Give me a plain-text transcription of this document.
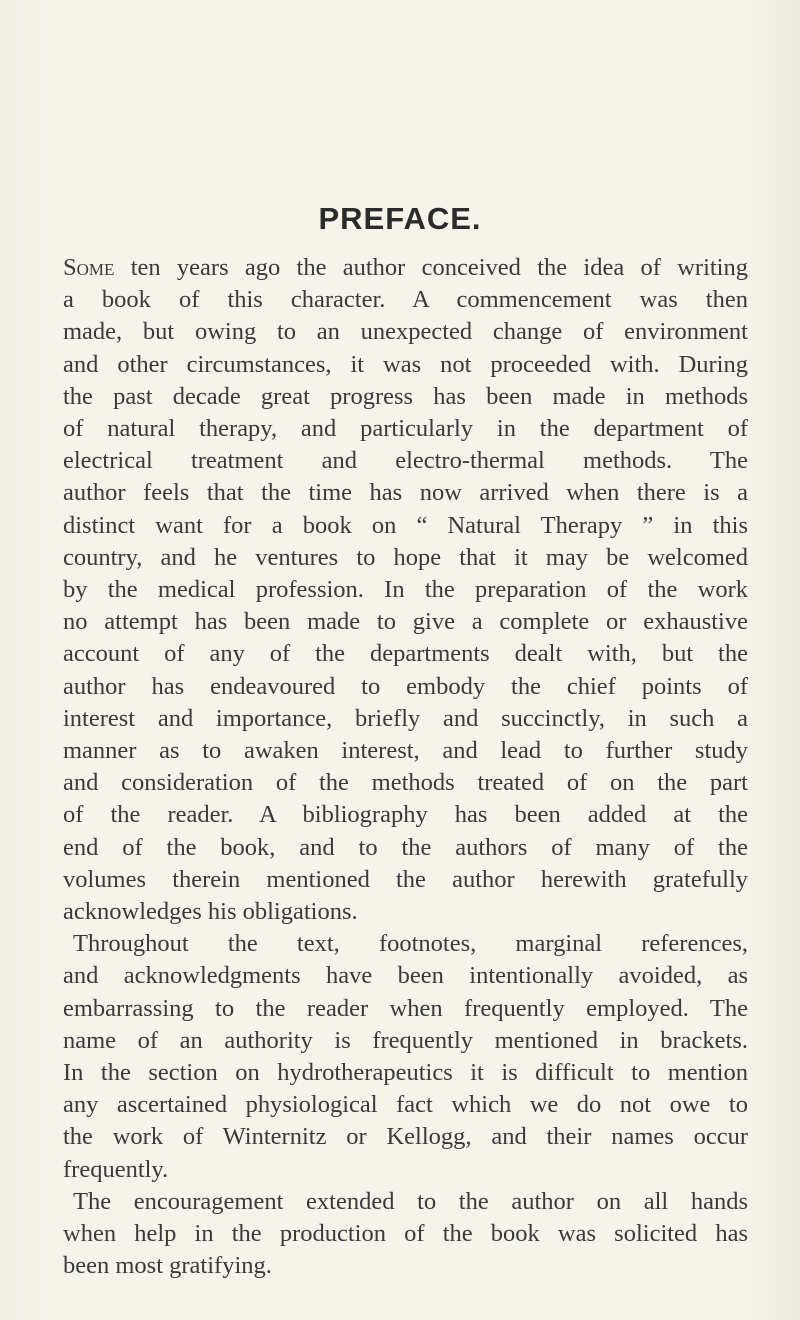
PREFACE.

Some ten years ago the author conceived the idea of writing
a book of this character. A commencement was then
made, but owing to an unexpected change of environment
and other circumstances, it was not proceeded with. During
the past decade great progress has been made in methods
of natural therapy, and particularly in the department of
electrical treatment and electro-thermal methods. The
author feels that the time has now arrived when there is a
distinct want for a book on “ Natural Therapy ” in this
country, and he ventures to hope that it may be welcomed
by the medical profession. In the preparation of the work
no attempt has been made to give a complete or exhaustive
account of any of the departments dealt with, but the
author has endeavoured to embody the chief points of
interest and importance, briefly and succinctly, in such a
manner as to awaken interest, and lead to further study
and consideration of the methods treated of on the part
of the reader. A bibliography has been added at the
end of the book, and to the authors of many of the
volumes therein mentioned the author herewith gratefully
acknowledges his obligations.

Throughout the text, footnotes, marginal references,
and acknowledgments have been intentionally avoided, as
embarrassing to the reader when frequently employed. The
name of an authority is frequently mentioned in brackets.
In the section on hydrotherapeutics it is difficult to mention
any ascertained physiological fact which we do not owe to
the work of Winternitz or Kellogg, and their names occur
frequently.

The encouragement extended to the author on all hands
when help in the production of the book was solicited has
been most gratifying.
